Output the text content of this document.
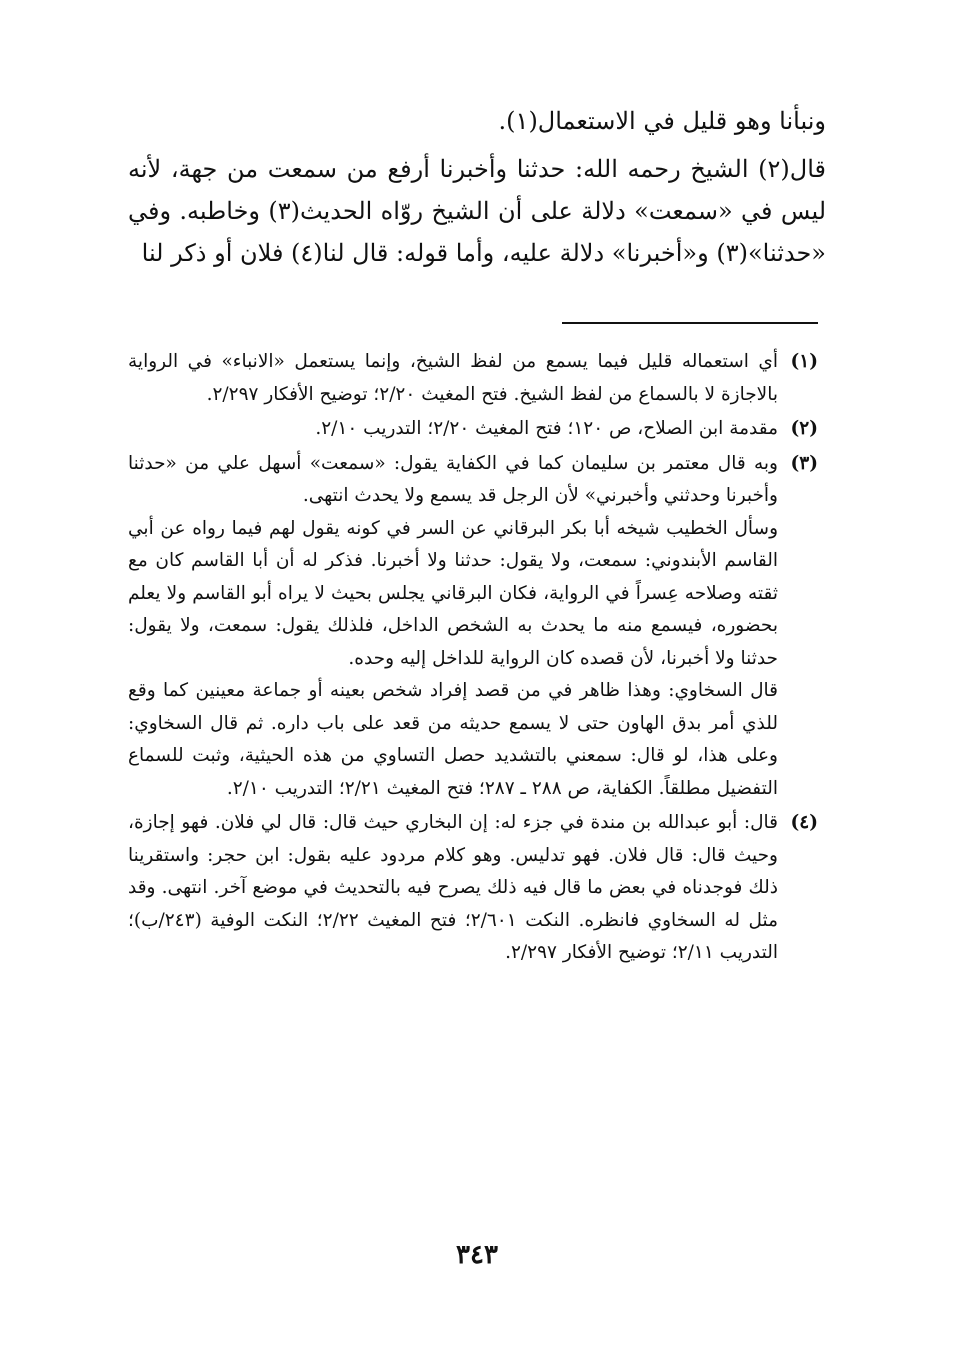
ونبأنا وهو قليل في الاستعمال(١).

قال(٢) الشيخ رحمه الله: حدثنا وأخبرنا أرفع من سمعت من جهة، لأنه ليس في «سمعت» دلالة على أن الشيخ روّاه الحديث(٣) وخاطبه. وفي «حدثنا»(٣) و«أخبرنا» دلالة عليه، وأما قوله: قال لنا(٤) فلان أو ذكر لنا

(١)

أي استعماله قليل فيما يسمع من لفظ الشيخ، وإنما يستعمل «الانباء» في الرواية بالاجازة لا بالسماع من لفظ الشيخ. فتح المغيث ٢/٢٠؛ توضيح الأفكار ٢/٢٩٧.

(٢)

مقدمة ابن الصلاح، ص ١٢٠؛ فتح المغيث ٢/٢٠؛ التدريب ٢/١٠.

(٣)

وبه قال معتمر بن سليمان كما في الكفاية يقول: «سمعت» أسهل علي من «حدثنا وأخبرنا وحدثني وأخبرني» لأن الرجل قد يسمع ولا يحدث انتهى.

وسأل الخطيب شيخه أبا بكر البرقاني عن السر في كونه يقول لهم فيما رواه عن أبي القاسم الأبندوني: سمعت، ولا يقول: حدثنا ولا أخبرنا. فذكر له أن أبا القاسم كان مع ثقته وصلاحه عِسراً في الرواية، فكان البرقاني يجلس بحيث لا يراه أبو القاسم ولا يعلم بحضوره، فيسمع منه ما يحدث به الشخص الداخل، فلذلك يقول: سمعت، ولا يقول: حدثنا ولا أخبرنا، لأن قصده كان الرواية للداخل إليه وحده.

قال السخاوي: وهذا ظاهر في من قصد إفراد شخص بعينه أو جماعة معينين كما وقع للذي أمر بدق الهاون حتى لا يسمع حديثه من قعد على باب داره. ثم قال السخاوي: وعلى هذا، لو قال: سمعني بالتشديد حصل التساوي من هذه الحيثية، وثبت للسماع التفضيل مطلقاً. الكفاية، ص ٢٨٨ ـ ٢٨٧؛ فتح المغيث ٢/٢١؛ التدريب ٢/١٠.

(٤)

قال: أبو عبدالله بن مندة في جزء له: إن البخاري حيث قال: قال لي فلان. فهو إجازة، وحيث قال: قال فلان. فهو تدليس. وهو كلام مردود عليه بقول: ابن حجر: واستقرينا ذلك فوجدناه في بعض ما قال فيه ذلك يصرح فيه بالتحديث في موضع آخر. انتهى. وقد مثل له السخاوي فانظره. النكت ٢/٦٠١؛ فتح المغيث ٢/٢٢؛ النكت الوفية (٢٤٣/ب)؛ التدريب ٢/١١؛ توضيح الأفكار ٢/٢٩٧.

٣٤٣
